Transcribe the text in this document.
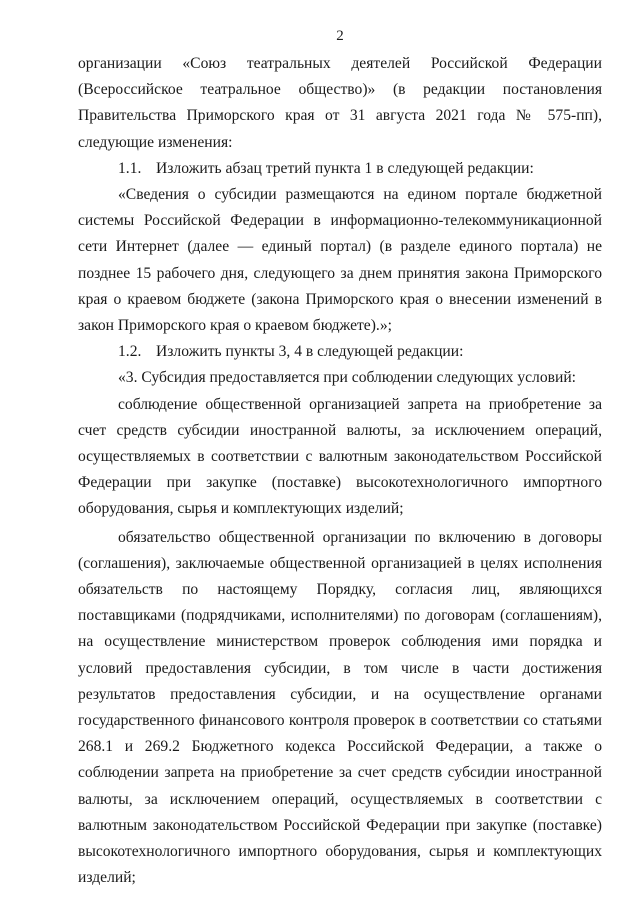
2

организации «Союз театральных деятелей Российской Федерации (Всероссийское театральное общество)» (в редакции постановления Правительства Приморского края от 31 августа 2021 года № 575-пп), следующие изменения:

1.1. Изложить абзац третий пункта 1 в следующей редакции:

«Сведения о субсидии размещаются на едином портале бюджетной системы Российской Федерации в информационно-телекоммуникационной сети Интернет (далее — единый портал) (в разделе единого портала) не позднее 15 рабочего дня, следующего за днем принятия закона Приморского края о краевом бюджете (закона Приморского края о внесении изменений в закон Приморского края о краевом бюджете).»;

1.2. Изложить пункты 3, 4 в следующей редакции:

«3. Субсидия предоставляется при соблюдении следующих условий:

соблюдение общественной организацией запрета на приобретение за счет средств субсидии иностранной валюты, за исключением операций, осуществляемых в соответствии с валютным законодательством Российской Федерации при закупке (поставке) высокотехнологичного импортного оборудования, сырья и комплектующих изделий;

обязательство общественной организации по включению в договоры (соглашения), заключаемые общественной организацией в целях исполнения обязательств по настоящему Порядку, согласия лиц, являющихся поставщиками (подрядчиками, исполнителями) по договорам (соглашениям), на осуществление министерством проверок соблюдения ими порядка и условий предоставления субсидии, в том числе в части достижения результатов предоставления субсидии, и на осуществление органами государственного финансового контроля проверок в соответствии со статьями 268.1 и 269.2 Бюджетного кодекса Российской Федерации, а также о соблюдении запрета на приобретение за счет средств субсидии иностранной валюты, за исключением операций, осуществляемых в соответствии с валютным законодательством Российской Федерации при закупке (поставке) высокотехнологичного импортного оборудования, сырья и комплектующих изделий;
